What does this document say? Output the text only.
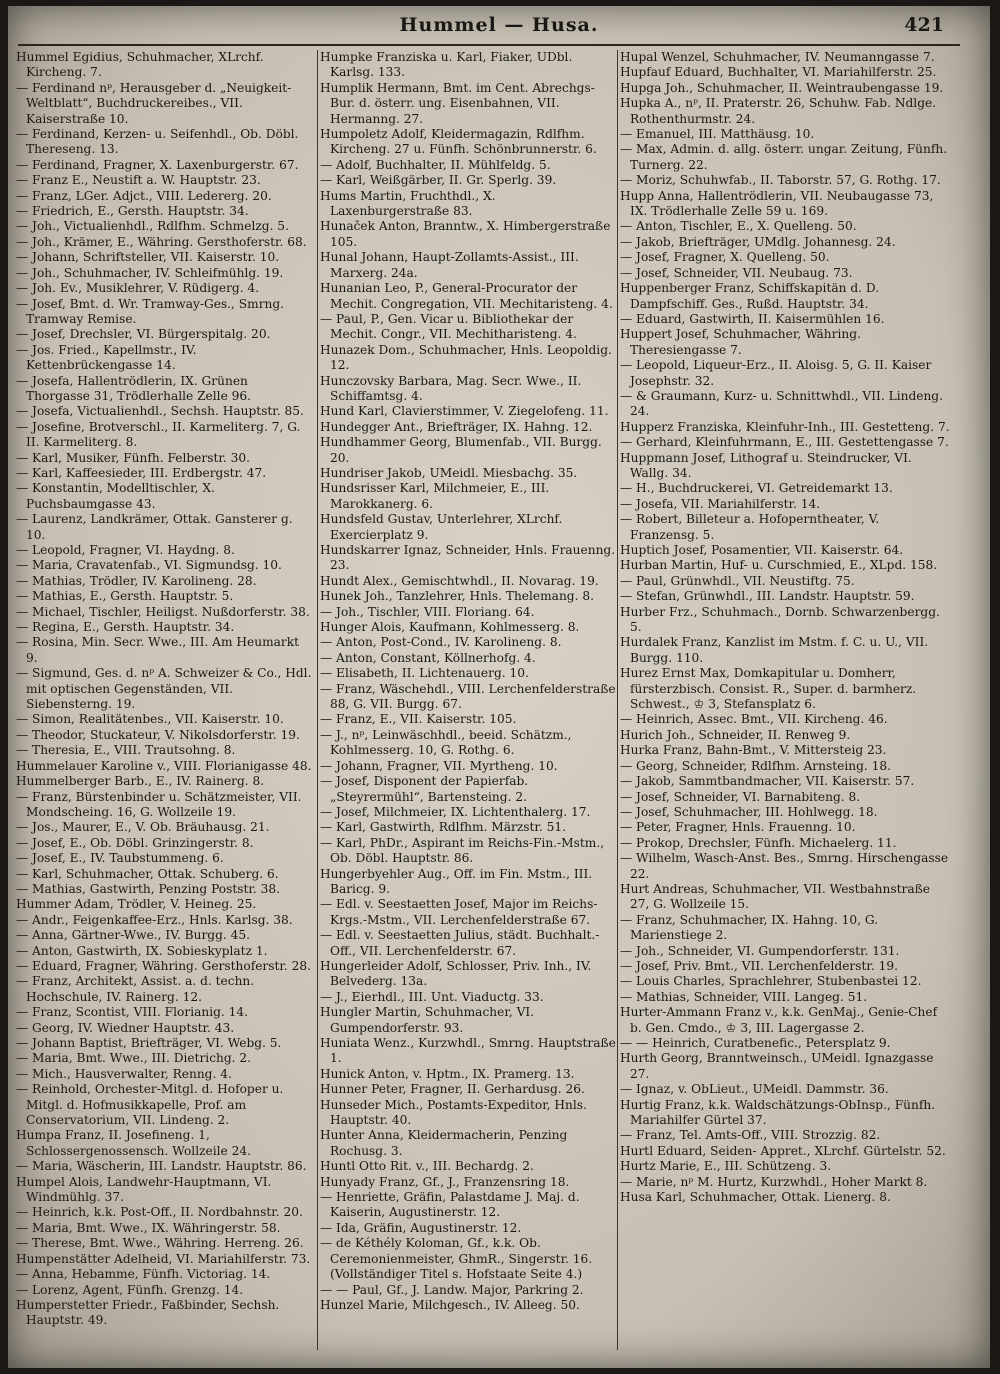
Hummel — Husa.	421

Hummel Egidius, Schuhmacher, XLrchf. Kircheng. 7.

— Ferdinand nᵖ, Herausgeber d. „Neuigkeit-Weltblatt“, Buchdruckereibes., VII. Kaiserstraße 10.

— Ferdinand, Kerzen- u. Seifenhdl., Ob. Döbl. Thereseng. 13.

— Ferdinand, Fragner, X. Laxenburgerstr. 67.

— Franz E., Neustift a. W. Hauptstr. 23.

— Franz, LGer. Adjct., VIII. Ledererg. 20.

— Friedrich, E., Gersth. Hauptstr. 34.

— Joh., Victualienhdl., Rdlfhm. Schmelzg. 5.

— Joh., Krämer, E., Währing. Gersthoferstr. 68.

— Johann, Schriftsteller, VII. Kaiserstr. 10.

— Joh., Schuhmacher, IV. Schleifmühlg. 19.

— Joh. Ev., Musiklehrer, V. Rüdigerg. 4.

— Josef, Bmt. d. Wr. Tramway-Ges., Smrng. Tramway Remise.

— Josef, Drechsler, VI. Bürgerspitalg. 20.

— Jos. Fried., Kapellmstr., IV. Kettenbrückengasse 14.

— Josefa, Hallentrödlerin, IX. Grünen Thorgasse 31, Trödlerhalle Zelle 96.

— Josefa, Victualienhdl., Sechsh. Hauptstr. 85.

— Josefine, Brotverschl., II. Karmeliterg. 7, G. II. Karmeliterg. 8.

— Karl, Musiker, Fünfh. Felberstr. 30.

— Karl, Kaffeesieder, III. Erdbergstr. 47.

— Konstantin, Modelltischler, X. Puchsbaumgasse 43.

— Laurenz, Landkrämer, Ottak. Gansterer g. 10.

— Leopold, Fragner, VI. Haydng. 8.

— Maria, Cravatenfab., VI. Sigmundsg. 10.

— Mathias, Trödler, IV. Karolineng. 28.

— Mathias, E., Gersth. Hauptstr. 5.

— Michael, Tischler, Heiligst. Nußdorferstr. 38.

— Regina, E., Gersth. Hauptstr. 34.

— Rosina, Min. Secr. Wwe., III. Am Heumarkt 9.

— Sigmund, Ges. d. nᵖ A. Schweizer & Co., Hdl. mit optischen Gegenständen, VII. Siebensterng. 19.

— Simon, Realitätenbes., VII. Kaiserstr. 10.

— Theodor, Stuckateur, V. Nikolsdorferstr. 19.

— Theresia, E., VIII. Trautsohng. 8.

Hummelauer Karoline v., VIII. Florianigasse 48.

Hummelberger Barb., E., IV. Rainerg. 8.

— Franz, Bürstenbinder u. Schätzmeister, VII. Mondscheing. 16, G. Wollzeile 19.

— Jos., Maurer, E., V. Ob. Bräuhausg. 21.

— Josef, E., Ob. Döbl. Grinzingerstr. 8.

— Josef, E., IV. Taubstummeng. 6.

— Karl, Schuhmacher, Ottak. Schuberg. 6.

— Mathias, Gastwirth, Penzing Poststr. 38.

Hummer Adam, Trödler, V. Heineg. 25.

— Andr., Feigenkaffee-Erz., Hnls. Karlsg. 38.

— Anna, Gärtner-Wwe., IV. Burgg. 45.

— Anton, Gastwirth, IX. Sobieskyplatz 1.

— Eduard, Fragner, Währing. Gersthoferstr. 28.

— Franz, Architekt, Assist. a. d. techn. Hochschule, IV. Rainerg. 12.

— Franz, Scontist, VIII. Florianig. 14.

— Georg, IV. Wiedner Hauptstr. 43.

— Johann Baptist, Briefträger, VI. Webg. 5.

— Maria, Bmt. Wwe., III. Dietrichg. 2.

— Mich., Hausverwalter, Renng. 4.

— Reinhold, Orchester-Mitgl. d. Hofoper u. Mitgl. d. Hofmusikkapelle, Prof. am Conservatorium, VII. Lindeng. 2.

Humpa Franz, II. Josefineng. 1, Schlossergenossensch. Wollzeile 24.

— Maria, Wäscherin, III. Landstr. Hauptstr. 86.

Humpel Alois, Landwehr-Hauptmann, VI. Windmühlg. 37.

— Heinrich, k.k. Post-Off., II. Nordbahnstr. 20.

— Maria, Bmt. Wwe., IX. Währingerstr. 58.

— Therese, Bmt. Wwe., Währing. Herreng. 26.

Humpenstätter Adelheid, VI. Mariahilferstr. 73.

— Anna, Hebamme, Fünfh. Victoriag. 14.

— Lorenz, Agent, Fünfh. Grenzg. 14.

Humperstetter Friedr., Faßbinder, Sechsh. Hauptstr. 49.

Humpke Franziska u. Karl, Fiaker, UDbl. Karlsg. 133.

Humplik Hermann, Bmt. im Cent. Abrechgs-Bur. d. österr. ung. Eisenbahnen, VII. Hermanng. 27.

Humpoletz Adolf, Kleidermagazin, Rdlfhm. Kircheng. 27 u. Fünfh. Schönbrunnerstr. 6.

— Adolf, Buchhalter, II. Mühlfeldg. 5.

— Karl, Weißgärber, II. Gr. Sperlg. 39.

Hums Martin, Fruchthdl., X. Laxenburgerstraße 83.

Hunaček Anton, Branntw., X. Himbergerstraße 105.

Hunal Johann, Haupt-Zollamts-Assist., III. Marxerg. 24a.

Hunanian Leo, P., General-Procurator der Mechit. Congregation, VII. Mechitaristeng. 4.

— Paul, P., Gen. Vicar u. Bibliothekar der Mechit. Congr., VII. Mechitharisteng. 4.

Hunazek Dom., Schuhmacher, Hnls. Leopoldig. 12.

Hunczovsky Barbara, Mag. Secr. Wwe., II. Schiffamtsg. 4.

Hund Karl, Clavierstimmer, V. Ziegelofeng. 11.

Hundegger Ant., Briefträger, IX. Hahng. 12.

Hundhammer Georg, Blumenfab., VII. Burgg. 20.

Hundriser Jakob, UMeidl. Miesbachg. 35.

Hundsrisser Karl, Milchmeier, E., III. Marokkanerg. 6.

Hundsfeld Gustav, Unterlehrer, XLrchf. Exercierplatz 9.

Hundskarrer Ignaz, Schneider, Hnls. Frauenng. 23.

Hundt Alex., Gemischtwhdl., II. Novarag. 19.

Hunek Joh., Tanzlehrer, Hnls. Thelemang. 8.

— Joh., Tischler, VIII. Floriang. 64.

Hunger Alois, Kaufmann, Kohlmesserg. 8.

— Anton, Post-Cond., IV. Karolineng. 8.

— Anton, Constant, Köllnerhofg. 4.

— Elisabeth, II. Lichtenauerg. 10.

— Franz, Wäschehdl., VIII. Lerchenfelderstraße 88, G. VII. Burgg. 67.

— Franz, E., VII. Kaiserstr. 105.

— J., nᵖ, Leinwäschhdl., beeid. Schätzm., Kohlmesserg. 10, G. Rothg. 6.

— Johann, Fragner, VII. Myrtheng. 10.

— Josef, Disponent der Papierfab. „Steyrermühl“, Bartensteing. 2.

— Josef, Milchmeier, IX. Lichtenthalerg. 17.

— Karl, Gastwirth, Rdlfhm. Märzstr. 51.

— Karl, PhDr., Aspirant im Reichs-Fin.-Mstm., Ob. Döbl. Hauptstr. 86.

Hungerbyehler Aug., Off. im Fin. Mstm., III. Baricg. 9.

— Edl. v. Seestaetten Josef, Major im Reichs-Krgs.-Mstm., VII. Lerchenfelderstraße 67.

— Edl. v. Seestaetten Julius, städt. Buchhalt.-Off., VII. Lerchenfelderstr. 67.

Hungerleider Adolf, Schlosser, Priv. Inh., IV. Belvederg. 13a.

— J., Eierhdl., III. Unt. Viaductg. 33.

Hungler Martin, Schuhmacher, VI. Gumpendorferstr. 93.

Huniata Wenz., Kurzwhdl., Smrng. Hauptstraße 1.

Hunick Anton, v. Hptm., IX. Pramerg. 13.

Hunner Peter, Fragner, II. Gerhardusg. 26.

Hunseder Mich., Postamts-Expeditor, Hnls. Hauptstr. 40.

Hunter Anna, Kleidermacherin, Penzing Rochusg. 3.

Huntl Otto Rit. v., III. Bechardg. 2.

Hunyady Franz, Gf., J., Franzensring 18.

— Henriette, Gräfin, Palastdame J. Maj. d. Kaiserin, Augustinerstr. 12.

— Ida, Gräfin, Augustinerstr. 12.

— de Kéthély Koloman, Gf., k.k. Ob. Ceremonienmeister, GhmR., Singerstr. 16. (Vollständiger Titel s. Hofstaate Seite 4.)

— — Paul, Gf., J. Landw. Major, Parkring 2.

Hunzel Marie, Milchgesch., IV. Alleeg. 50.

Hupal Wenzel, Schuhmacher, IV. Neumanngasse 7.

Hupfauf Eduard, Buchhalter, VI. Mariahilferstr. 25.

Hupga Joh., Schuhmacher, II. Weintraubengasse 19.

Hupka A., nᵖ, II. Praterstr. 26, Schuhw. Fab. Ndlge. Rothenthurmstr. 24.

— Emanuel, III. Matthäusg. 10.

— Max, Admin. d. allg. österr. ungar. Zeitung, Fünfh. Turnerg. 22.

— Moriz, Schuhwfab., II. Taborstr. 57, G. Rothg. 17.

Hupp Anna, Hallentrödlerin, VII. Neubaugasse 73, IX. Trödlerhalle Zelle 59 u. 169.

— Anton, Tischler, E., X. Quelleng. 50.

— Jakob, Briefträger, UMdlg. Johannesg. 24.

— Josef, Fragner, X. Quelleng. 50.

— Josef, Schneider, VII. Neubaug. 73.

Huppenberger Franz, Schiffskapitän d. D. Dampfschiff. Ges., Rußd. Hauptstr. 34.

— Eduard, Gastwirth, II. Kaisermühlen 16.

Huppert Josef, Schuhmacher, Währing. Theresiengasse 7.

— Leopold, Liqueur-Erz., II. Aloisg. 5, G. II. Kaiser Josephstr. 32.

— & Graumann, Kurz- u. Schnittwhdl., VII. Lindeng. 24.

Hupperz Franziska, Kleinfuhr-Inh., III. Gestetteng. 7.

— Gerhard, Kleinfuhrmann, E., III. Gestettengasse 7.

Huppmann Josef, Lithograf u. Steindrucker, VI. Wallg. 34.

— H., Buchdruckerei, VI. Getreidemarkt 13.

— Josefa, VII. Mariahilferstr. 14.

— Robert, Billeteur a. Hofoperntheater, V. Franzensg. 5.

Huptich Josef, Posamentier, VII. Kaiserstr. 64.

Hurban Martin, Huf- u. Curschmied, E., XLpd. 158.

— Paul, Grünwhdl., VII. Neustiftg. 75.

— Stefan, Grünwhdl., III. Landstr. Hauptstr. 59.

Hurber Frz., Schuhmach., Dornb. Schwarzenbergg. 5.

Hurdalek Franz, Kanzlist im Mstm. f. C. u. U., VII. Burgg. 110.

Hurez Ernst Max, Domkapitular u. Domherr, fürsterzbisch. Consist. R., Super. d. barmherz. Schwest., ♔ 3, Stefansplatz 6.

— Heinrich, Assec. Bmt., VII. Kircheng. 46.

Hurich Joh., Schneider, II. Renweg 9.

Hurka Franz, Bahn-Bmt., V. Mittersteig 23.

— Georg, Schneider, Rdlfhm. Arnsteing. 18.

— Jakob, Sammtbandmacher, VII. Kaiserstr. 57.

— Josef, Schneider, VI. Barnabiteng. 8.

— Josef, Schuhmacher, III. Hohlwegg. 18.

— Peter, Fragner, Hnls. Frauenng. 10.

— Prokop, Drechsler, Fünfh. Michaelerg. 11.

— Wilhelm, Wasch-Anst. Bes., Smrng. Hirschengasse 22.

Hurt Andreas, Schuhmacher, VII. Westbahnstraße 27, G. Wollzeile 15.

— Franz, Schuhmacher, IX. Hahng. 10, G. Marienstiege 2.

— Joh., Schneider, VI. Gumpendorferstr. 131.

— Josef, Priv. Bmt., VII. Lerchenfelderstr. 19.

— Louis Charles, Sprachlehrer, Stubenbastei 12.

— Mathias, Schneider, VIII. Langeg. 51.

Hurter-Ammann Franz v., k.k. GenMaj., Genie-Chef b. Gen. Cmdo., ♔ 3, III. Lagergasse 2.

— — Heinrich, Curatbenefic., Petersplatz 9.

Hurth Georg, Branntweinsch., UMeidl. Ignazgasse 27.

— Ignaz, v. ObLieut., UMeidl. Dammstr. 36.

Hurtig Franz, k.k. Waldschätzungs-ObInsp., Fünfh. Mariahilfer Gürtel 37.

— Franz, Tel. Amts-Off., VIII. Strozzig. 82.

Hurtl Eduard, Seiden- Appret., XLrchf. Gürtelstr. 52.

Hurtz Marie, E., III. Schützeng. 3.

— Marie, nᵖ M. Hurtz, Kurzwhdl., Hoher Markt 8.

Husa Karl, Schuhmacher, Ottak. Lienerg. 8.
